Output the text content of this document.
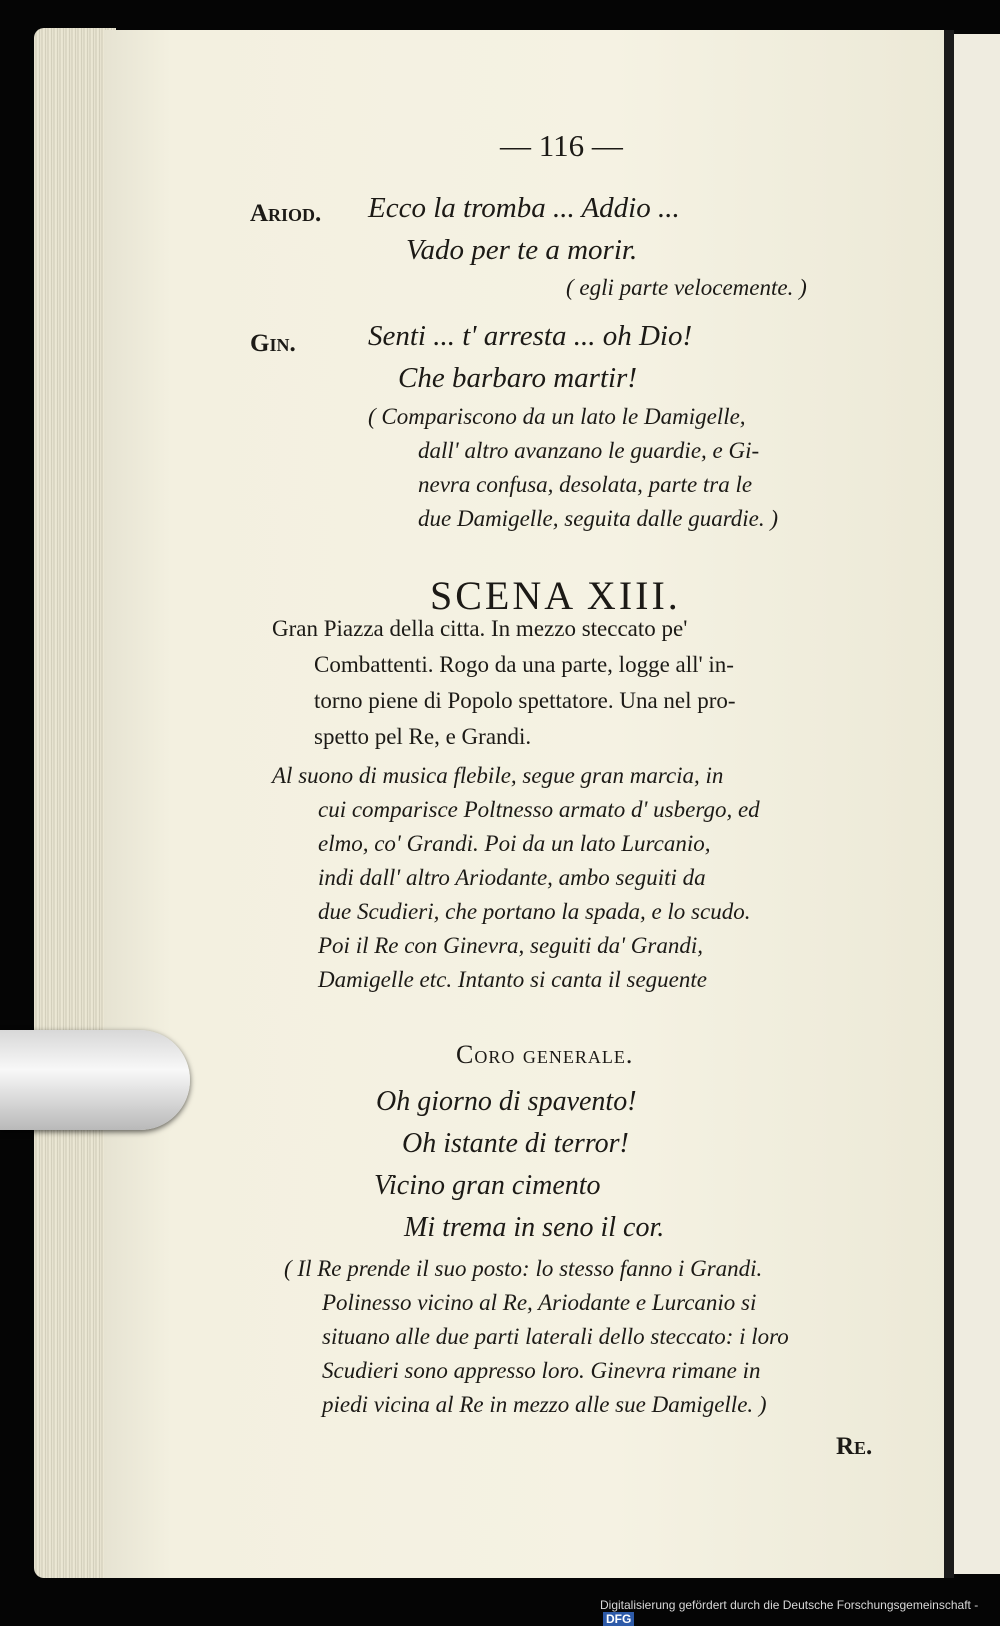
— 116 —
Ariod. Ecco la tromba ... Addio ...
Vado per te a morir.
( egli parte velocemente. )
Gin. Senti ... t' arresta ... oh Dio!
Che barbaro martir!
( Compariscono da un lato le Damigelle,
dall' altro avanzano le guardie, e Gi-
nevra confusa, desolata, parte tra le
due Damigelle, seguita dalle guardie. )
SCENA XIII.
Gran Piazza della citta. In mezzo steccato pe'
Combattenti. Rogo da una parte, logge all' in-
torno piene di Popolo spettatore. Una nel pro-
spetto pel Re, e Grandi.
Al suono di musica flebile, segue gran marcia, in
cui comparisce Poltnesso armato d' usbergo, ed
elmo, co' Grandi. Poi da un lato Lurcanio,
indi dall' altro Ariodante, ambo seguiti da
due Scudieri, che portano la spada, e lo scudo.
Poi il Re con Ginevra, seguiti da' Grandi,
Damigelle etc. Intanto si canta il seguente
Coro generale.
Oh giorno di spavento!
Oh istante di terror!
Vicino gran cimento
Mi trema in seno il cor.
( Il Re prende il suo posto: lo stesso fanno i Grandi.
Polinesso vicino al Re, Ariodante e Lurcanio si
situano alle due parti laterali dello steccato: i loro
Scudieri sono appresso loro. Ginevra rimane in
piedi vicina al Re in mezzo alle sue Damigelle. )
Re.
Digitalisierung gefördert durch die Deutsche Forschungsgemeinschaft -DFG
